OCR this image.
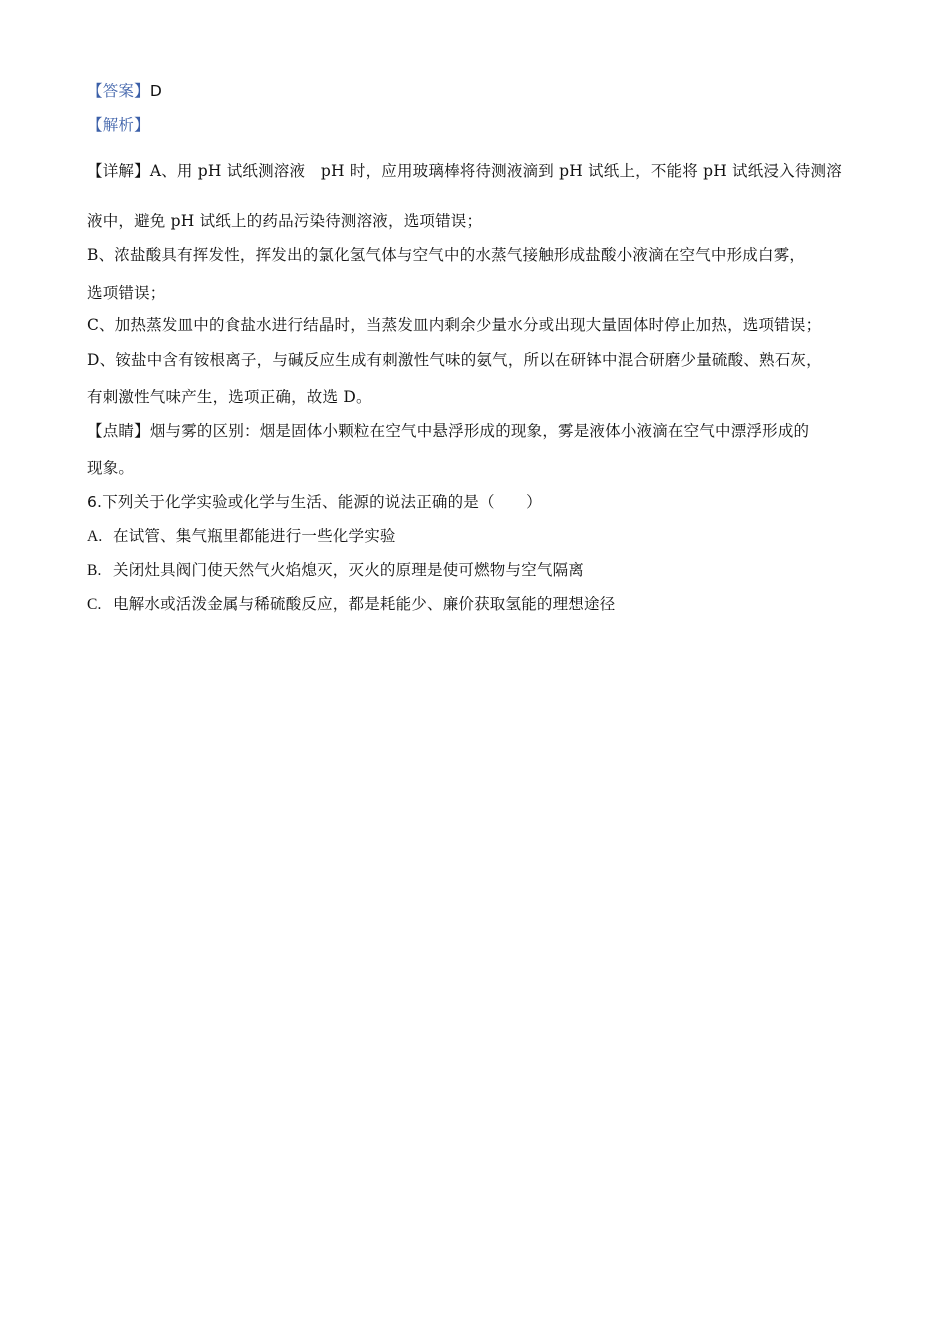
【答案】D
【解析】
【详解】A、用 pH 试纸测溶液　pH 时，应用玻璃棒将待测液滴到 pH 试纸上，不能将 pH 试纸浸入待测溶
液中，避免 pH 试纸上的药品污染待测溶液，选项错误；
B、浓盐酸具有挥发性，挥发出的氯化氢气体与空气中的水蒸气接触形成盐酸小液滴在空气中形成白雾，
选项错误；
C、加热蒸发皿中的食盐水进行结晶时，当蒸发皿内剩余少量水分或出现大量固体时停止加热，选项错误；
D、铵盐中含有铵根离子，与碱反应生成有刺激性气味的氨气，所以在研钵中混合研磨少量硫酸、熟石灰，
有刺激性气味产生，选项正确，故选 D。
【点睛】烟与雾的区别：烟是固体小颗粒在空气中悬浮形成的现象，雾是液体小液滴在空气中漂浮形成的
现象。
6.下列关于化学实验或化学与生活、能源的说法正确的是（　　）
A. 在试管、集气瓶里都能进行一些化学实验
B. 关闭灶具阀门使天然气火焰熄灭，灭火的原理是使可燃物与空气隔离
C. 电解水或活泼金属与稀硫酸反应，都是耗能少、廉价获取氢能的理想途径
